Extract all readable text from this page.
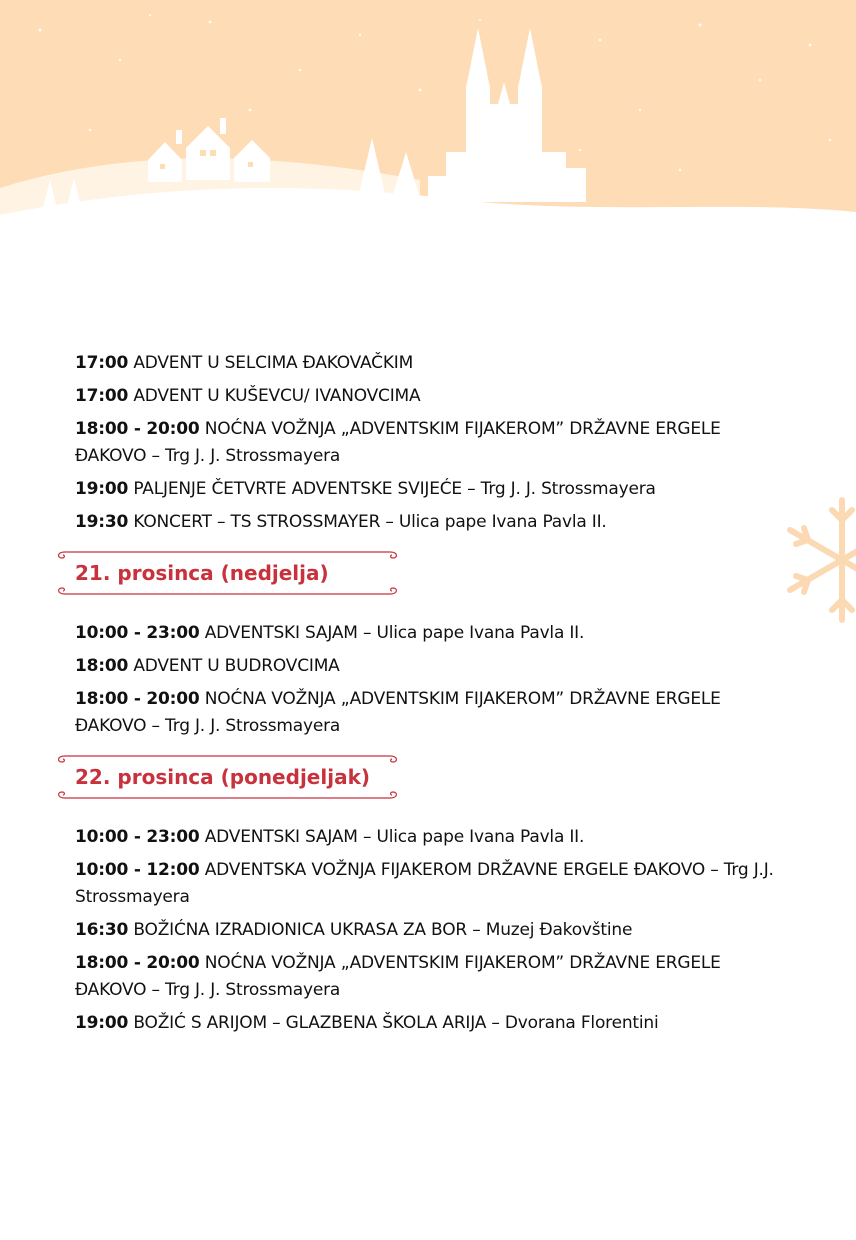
17:00 ADVENT U SELCIMA ĐAKOVAČKIM
17:00 ADVENT U KUŠEVCU/ IVANOVCIMA
18:00 - 20:00 NOĆNA VOŽNJA „ADVENTSKIM FIJAKEROM” DRŽAVNE ERGELE ĐAKOVO – Trg J. J. Strossmayera
19:00 PALJENJE ČETVRTE ADVENTSKE SVIJEĆE – Trg J. J. Strossmayera
19:30 KONCERT – TS STROSSMAYER – Ulica pape Ivana Pavla II.
21. prosinca (nedjelja)
10:00 - 23:00 ADVENTSKI SAJAM – Ulica pape Ivana Pavla II.
18:00 ADVENT U BUDROVCIMA
18:00 - 20:00 NOĆNA VOŽNJA „ADVENTSKIM FIJAKEROM” DRŽAVNE ERGELE ĐAKOVO – Trg J. J. Strossmayera
22. prosinca (ponedjeljak)
10:00 - 23:00 ADVENTSKI SAJAM – Ulica pape Ivana Pavla II.
10:00 - 12:00 ADVENTSKA VOŽNJA FIJAKEROM DRŽAVNE ERGELE ĐAKOVO – Trg J.J. Strossmayera
16:30 BOŽIĆNA IZRADIONICA UKRASA ZA BOR – Muzej Đakovštine
18:00 - 20:00 NOĆNA VOŽNJA „ADVENTSKIM FIJAKEROM” DRŽAVNE ERGELE ĐAKOVO – Trg J. J. Strossmayera
19:00 BOŽIĆ S ARIJOM – GLAZBENA ŠKOLA ARIJA – Dvorana Florentini
